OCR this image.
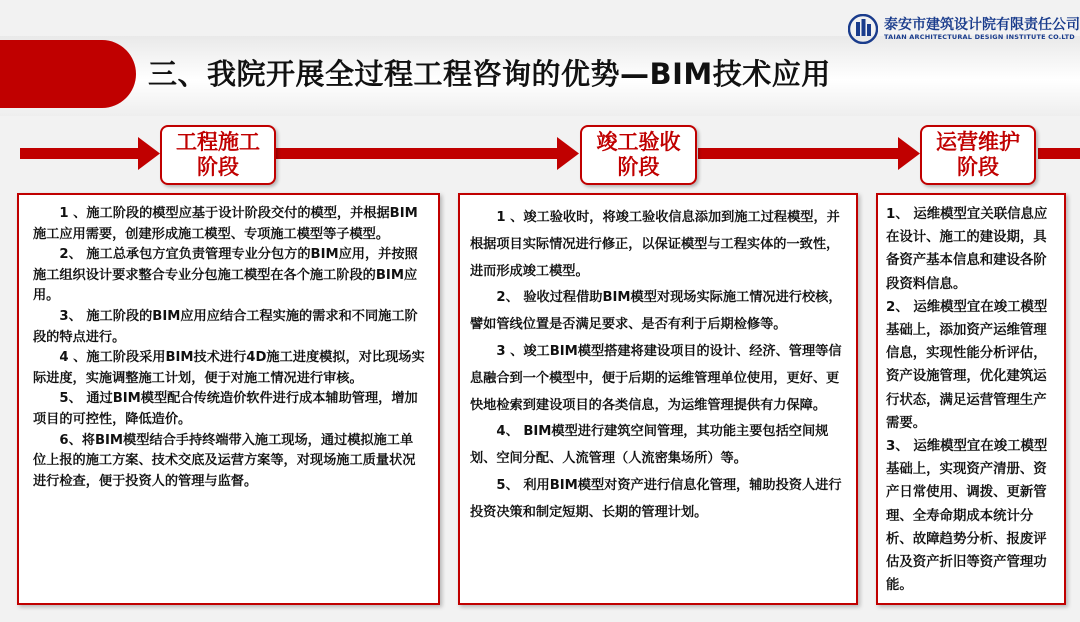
三、我院开展全过程工程咨询的优势—BIM技术应用
泰安市建筑设计院有限责任公司
TAIAN ARCHITECTURAL DESIGN INSTITUTE CO.LTD
工程施工
阶段
竣工验收
阶段
运营维护
阶段

1 、施工阶段的模型应基于设计阶段交付的模型，并根据BIM施工应用需要，创建形成施工模型、专项施工模型等子模型。

2、 施工总承包方宜负责管理专业分包方的BIM应用，并按照施工组织设计要求整合专业分包施工模型在各个施工阶段的BIM应用。

3、 施工阶段的BIM应用应结合工程实施的需求和不同施工阶段的特点进行。

4 、施工阶段采用BIM技术进行4D施工进度模拟，对比现场实际进度，实施调整施工计划，便于对施工情况进行审核。

5、 通过BIM模型配合传统造价软件进行成本辅助管理，增加项目的可控性，降低造价。

6、将BIM模型结合手持终端带入施工现场，通过模拟施工单位上报的施工方案、技术交底及运营方案等，对现场施工质量状况进行检查，便于投资人的管理与监督。

1 、竣工验收时，将竣工验收信息添加到施工过程模型，并根据项目实际情况进行修正，以保证模型与工程实体的一致性，进而形成竣工模型。

2、 验收过程借助BIM模型对现场实际施工情况进行校核，譬如管线位置是否满足要求、是否有利于后期检修等。

3 、竣工BIM模型搭建将建设项目的设计、经济、管理等信息融合到一个模型中，便于后期的运维管理单位使用，更好、更快地检索到建设项目的各类信息，为运维管理提供有力保障。

4、 BIM模型进行建筑空间管理，其功能主要包括空间规划、空间分配、人流管理（人流密集场所）等。

5、 利用BIM模型对资产进行信息化管理，辅助投资人进行投资决策和制定短期、长期的管理计划。

1、 运维模型宜关联信息应在设计、施工的建设期，具备资产基本信息和建设各阶段资料信息。

2、 运维模型宜在竣工模型基础上，添加资产运维管理信息，实现性能分析评估，资产设施管理，优化建筑运行状态，满足运营管理生产需要。

3、 运维模型宜在竣工模型基础上，实现资产清册、资产日常使用、调拨、更新管理、全寿命期成本统计分析、故障趋势分析、报废评估及资产折旧等资产管理功能。
